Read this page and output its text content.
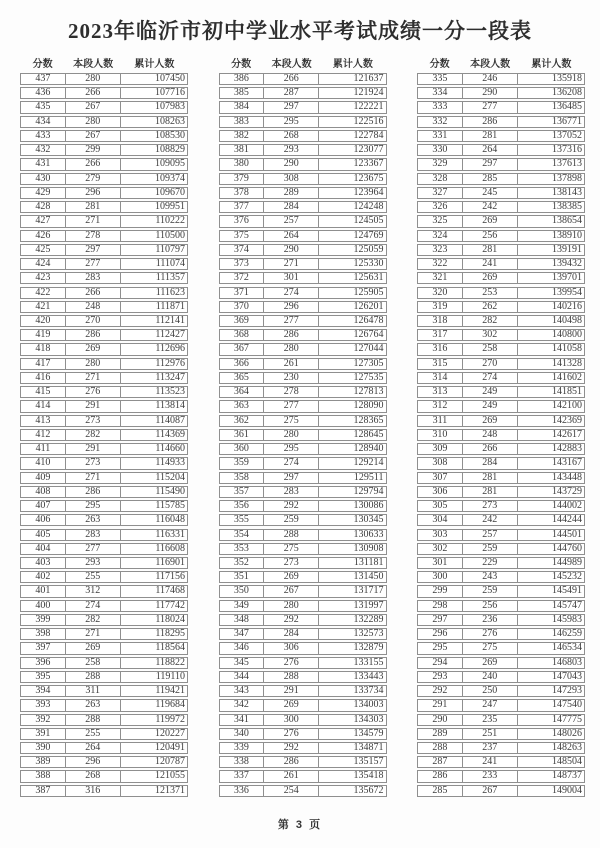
2023年临沂市初中学业水平考试成绩一分一段表
分数	本段人数	累计人数
437	280	107450
436	266	107716
435	267	107983
434	280	108263
433	267	108530
432	299	108829
431	266	109095
430	279	109374
429	296	109670
428	281	109951
427	271	110222
426	278	110500
425	297	110797
424	277	111074
423	283	111357
422	266	111623
421	248	111871
420	270	112141
419	286	112427
418	269	112696
417	280	112976
416	271	113247
415	276	113523
414	291	113814
413	273	114087
412	282	114369
411	291	114660
410	273	114933
409	271	115204
408	286	115490
407	295	115785
406	263	116048
405	283	116331
404	277	116608
403	293	116901
402	255	117156
401	312	117468
400	274	117742
399	282	118024
398	271	118295
397	269	118564
396	258	118822
395	288	119110
394	311	119421
393	263	119684
392	288	119972
391	255	120227
390	264	120491
389	296	120787
388	268	121055
387	316	121371
分数	本段人数	累计人数
386	266	121637
385	287	121924
384	297	122221
383	295	122516
382	268	122784
381	293	123077
380	290	123367
379	308	123675
378	289	123964
377	284	124248
376	257	124505
375	264	124769
374	290	125059
373	271	125330
372	301	125631
371	274	125905
370	296	126201
369	277	126478
368	286	126764
367	280	127044
366	261	127305
365	230	127535
364	278	127813
363	277	128090
362	275	128365
361	280	128645
360	295	128940
359	274	129214
358	297	129511
357	283	129794
356	292	130086
355	259	130345
354	288	130633
353	275	130908
352	273	131181
351	269	131450
350	267	131717
349	280	131997
348	292	132289
347	284	132573
346	306	132879
345	276	133155
344	288	133443
343	291	133734
342	269	134003
341	300	134303
340	276	134579
339	292	134871
338	286	135157
337	261	135418
336	254	135672
分数	本段人数	累计人数
335	246	135918
334	290	136208
333	277	136485
332	286	136771
331	281	137052
330	264	137316
329	297	137613
328	285	137898
327	245	138143
326	242	138385
325	269	138654
324	256	138910
323	281	139191
322	241	139432
321	269	139701
320	253	139954
319	262	140216
318	282	140498
317	302	140800
316	258	141058
315	270	141328
314	274	141602
313	249	141851
312	249	142100
311	269	142369
310	248	142617
309	266	142883
308	284	143167
307	281	143448
306	281	143729
305	273	144002
304	242	144244
303	257	144501
302	259	144760
301	229	144989
300	243	145232
299	259	145491
298	256	145747
297	236	145983
296	276	146259
295	275	146534
294	269	146803
293	240	147043
292	250	147293
291	247	147540
290	235	147775
289	251	148026
288	237	148263
287	241	148504
286	233	148737
285	267	149004
第 3 页
